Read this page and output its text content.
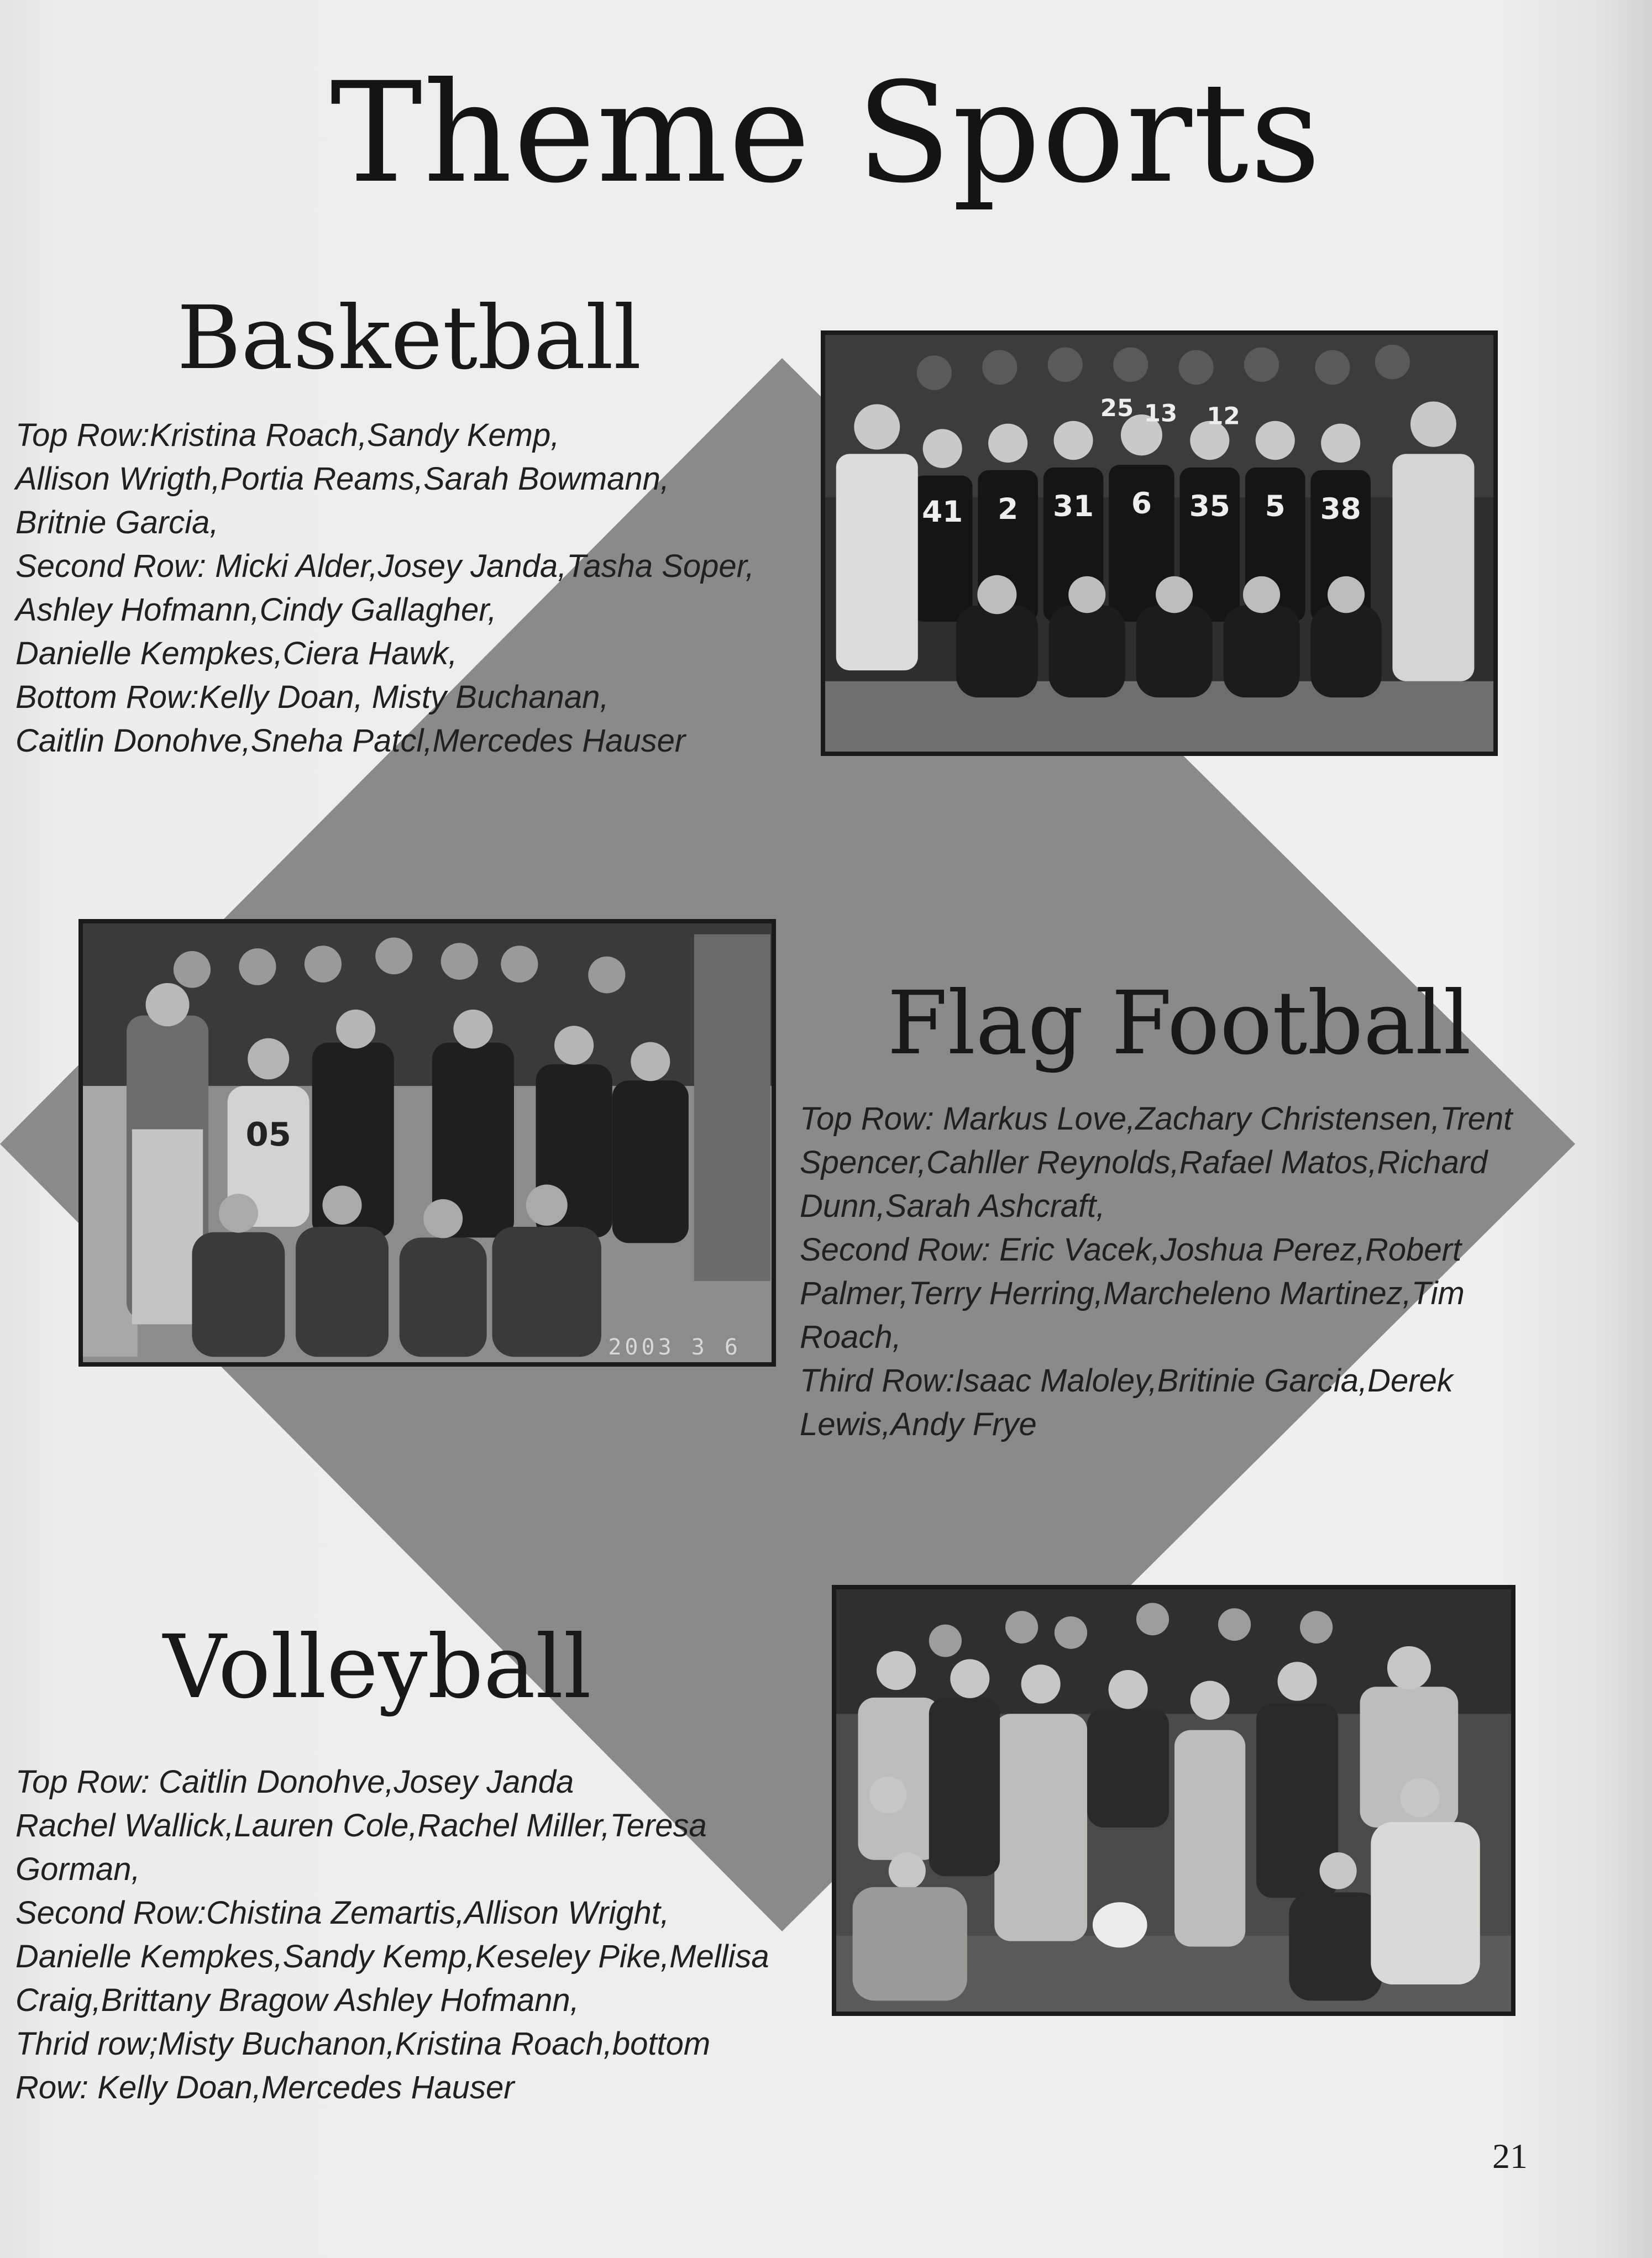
Theme Sports
Basketball
Top Row:Kristina Roach,Sandy Kemp,
Allison Wrigth,Portia Reams,Sarah Bowmann,
Britnie Garcia,
Second Row: Micki Alder,Josey Janda,Tasha Soper,
Ashley Hofmann,Cindy Gallagher,
Danielle Kempkes,Ciera Hawk,
Bottom Row:Kelly Doan, Misty Buchanan,
Caitlin Donohve,Sneha Patcl,Mercedes Hauser
41 2 31 6 35 5 38
25 13 12
05
2003 3 6
Flag Football
Top Row: Markus Love,Zachary Christensen,Trent
Spencer,Cahller Reynolds,Rafael Matos,Richard
Dunn,Sarah Ashcraft,
Second Row: Eric Vacek,Joshua Perez,Robert
Palmer,Terry Herring,Marcheleno Martinez,Tim
Roach,
Third Row:Isaac Maloley,Britinie Garcia,Derek
Lewis,Andy Frye
Volleyball
Top Row: Caitlin Donohve,Josey Janda
Rachel Wallick,Lauren Cole,Rachel Miller,Teresa
Gorman,
Second Row:Chistina Zemartis,Allison Wright,
Danielle Kempkes,Sandy Kemp,Keseley Pike,Mellisa
Craig,Brittany Bragow Ashley Hofmann,
Thrid row;Misty Buchanon,Kristina Roach,bottom
Row: Kelly Doan,Mercedes Hauser
21
